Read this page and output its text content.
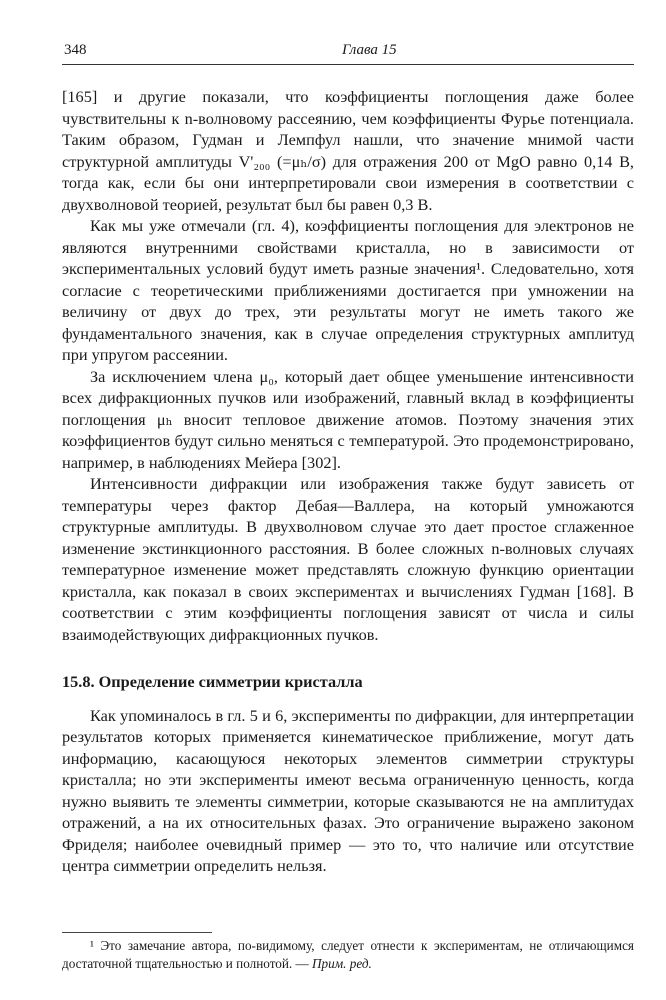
348	Глава 15

[165] и другие показали, что коэффициенты поглощения даже более чувствительны к n-волновому рассеянию, чем коэффициенты Фурье потенциала. Таким образом, Гудман и Лемпфул нашли, что значение мнимой части структурной амплитуды V'₂₀₀ (=μₕ/σ) для отражения 200 от MgO равно 0,14 В, тогда как, если бы они интерпретировали свои измерения в соответствии с двухволновой теорией, результат был бы равен 0,3 В.

Как мы уже отмечали (гл. 4), коэффициенты поглощения для электронов не являются внутренними свойствами кристалла, но в зависимости от экспериментальных условий будут иметь разные значения¹. Следовательно, хотя согласие с теоретическими приближениями достигается при умножении на величину от двух до трех, эти результаты могут не иметь такого же фундаментального значения, как в случае определения структурных амплитуд при упругом рассеянии.

За исключением члена μ₀, который дает общее уменьшение интенсивности всех дифракционных пучков или изображений, главный вклад в коэффициенты поглощения μₕ вносит тепловое движение атомов. Поэтому значения этих коэффициентов будут сильно меняться с температурой. Это продемонстрировано, например, в наблюдениях Мейера [302].

Интенсивности дифракции или изображения также будут зависеть от температуры через фактор Дебая—Валлера, на который умножаются структурные амплитуды. В двухволновом случае это дает простое сглаженное изменение экстинкционного расстояния. В более сложных n-волновых случаях температурное изменение может представлять сложную функцию ориентации кристалла, как показал в своих экспериментах и вычислениях Гудман [168]. В соответствии с этим коэффициенты поглощения зависят от числа и силы взаимодействующих дифракционных пучков.

15.8. Определение симметрии кристалла

Как упоминалось в гл. 5 и 6, эксперименты по дифракции, для интерпретации результатов которых применяется кинематическое приближение, могут дать информацию, касающуюся некоторых элементов симметрии структуры кристалла; но эти эксперименты имеют весьма ограниченную ценность, когда нужно выявить те элементы симметрии, которые сказываются не на амплитудах отражений, а на их относительных фазах. Это ограничение выражено законом Фриделя; наиболее очевидный пример — это то, что наличие или отсутствие центра симметрии определить нельзя.

¹ Это замечание автора, по-видимому, следует отнести к экспериментам, не отличающимся достаточной тщательностью и полнотой. — Прим. ред.
